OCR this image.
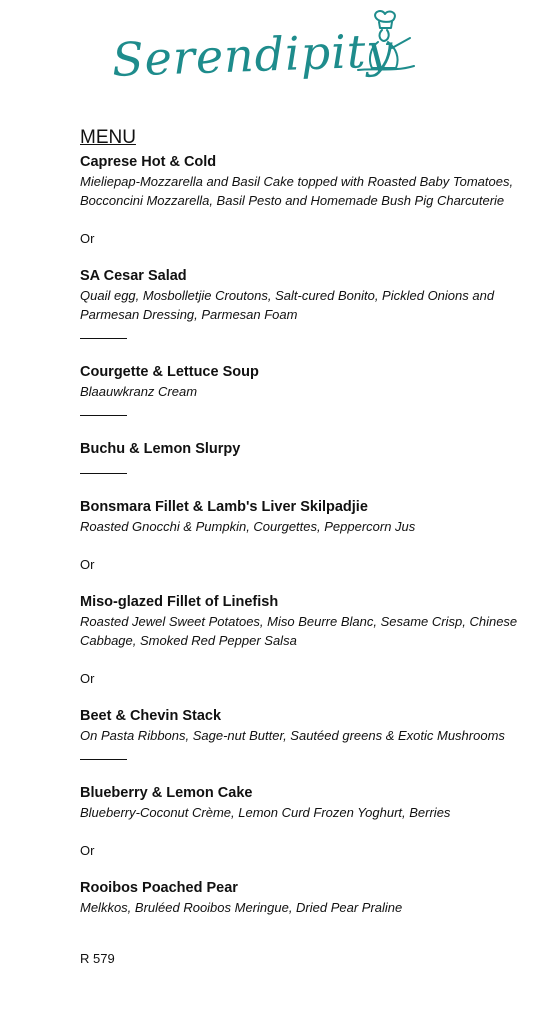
Serendipity

MENU

Caprese Hot & Cold

Mieliepap-Mozzarella and Basil Cake topped with Roasted Baby Tomatoes, Bocconcini Mozzarella, Basil Pesto and Homemade Bush Pig Charcuterie

Or

SA Cesar Salad

Quail egg, Mosbolletjie Croutons, Salt-cured Bonito, Pickled Onions and Parmesan Dressing, Parmesan Foam

Courgette & Lettuce Soup

Blaauwkranz Cream

Buchu & Lemon Slurpy

Bonsmara Fillet & Lamb's Liver Skilpadjie

Roasted Gnocchi & Pumpkin, Courgettes, Peppercorn Jus

Or

Miso-glazed Fillet of Linefish

Roasted Jewel Sweet Potatoes, Miso Beurre Blanc, Sesame Crisp, Chinese Cabbage, Smoked Red Pepper Salsa

Or

Beet & Chevin Stack

On Pasta Ribbons, Sage-nut Butter, Sautéed greens & Exotic Mushrooms

Blueberry & Lemon Cake

Blueberry-Coconut Crème, Lemon Curd Frozen Yoghurt, Berries

Or

Rooibos Poached Pear

Melkkos, Bruléed Rooibos Meringue, Dried Pear Praline

R 579
